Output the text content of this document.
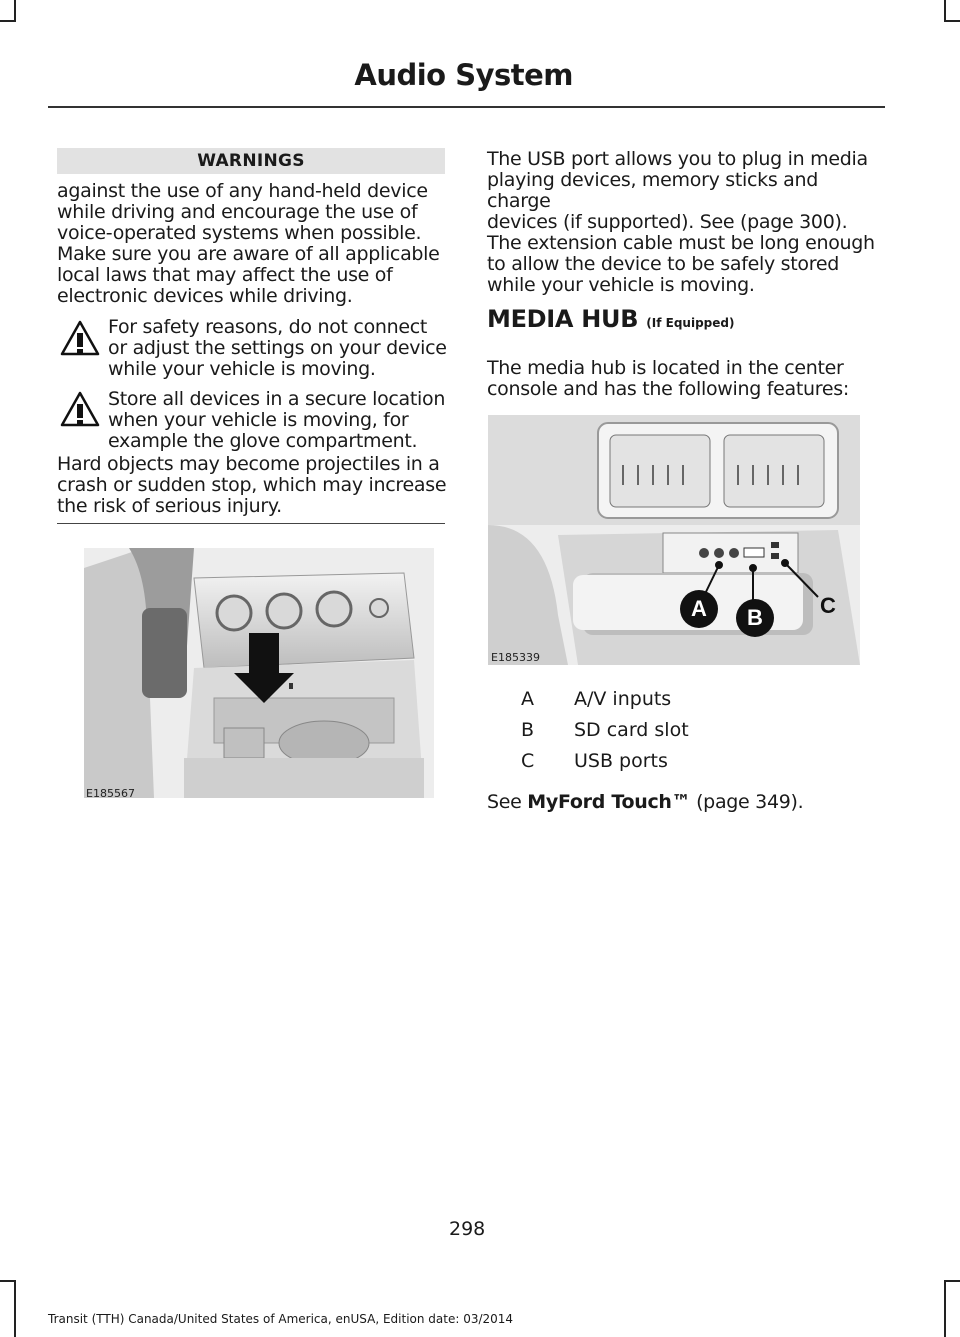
Audio System
WARNINGS
against the use of any hand-held device
while driving and encourage the use of
voice-operated systems when possible.
Make sure you are aware of all applicable
local laws that may affect the use of
electronic devices while driving.
For safety reasons, do not connect
or adjust the settings on your device
while your vehicle is moving.
Store all devices in a secure location
when your vehicle is moving, for
example the glove compartment.
Hard objects may become projectiles in a
crash or sudden stop, which may increase
the risk of serious injury.
E185567
The USB port allows you to plug in media
playing devices, memory sticks and charge
devices (if supported). See (page 300).
The extension cable must be long enough
to allow the device to be safely stored
while your vehicle is moving.
MEDIA HUB (If Equipped)
The media hub is located in the center
console and has the following features:
A	B	C
E185339
A A/V inputs
B SD card slot
C USB ports
See MyFord Touch™ (page 349).
298
Transit (TTH) Canada/United States of America, enUSA, Edition date: 03/2014
